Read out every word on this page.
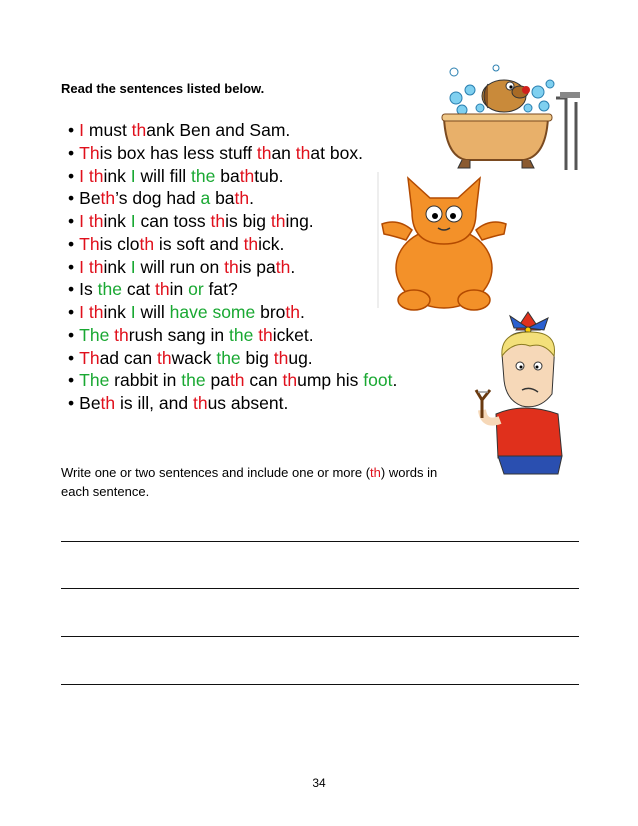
Read the sentences listed below.

• I must thank Ben and Sam.
• This box has less stuff than that box.
• I think I will fill the bathtub.
• Beth’s dog had a bath.
• I think I can toss this big thing.
• This cloth is soft and thick.
• I think I will run on this path.
• Is the cat thin or fat?
• I think I will have some broth.
• The thrush sang in the thicket.
• Thad can thwack the big thug.
• The rabbit in the path can thump his foot.
• Beth is ill, and thus absent.

Write one or two sentences and include one or more (th) words in each sentence.

34
